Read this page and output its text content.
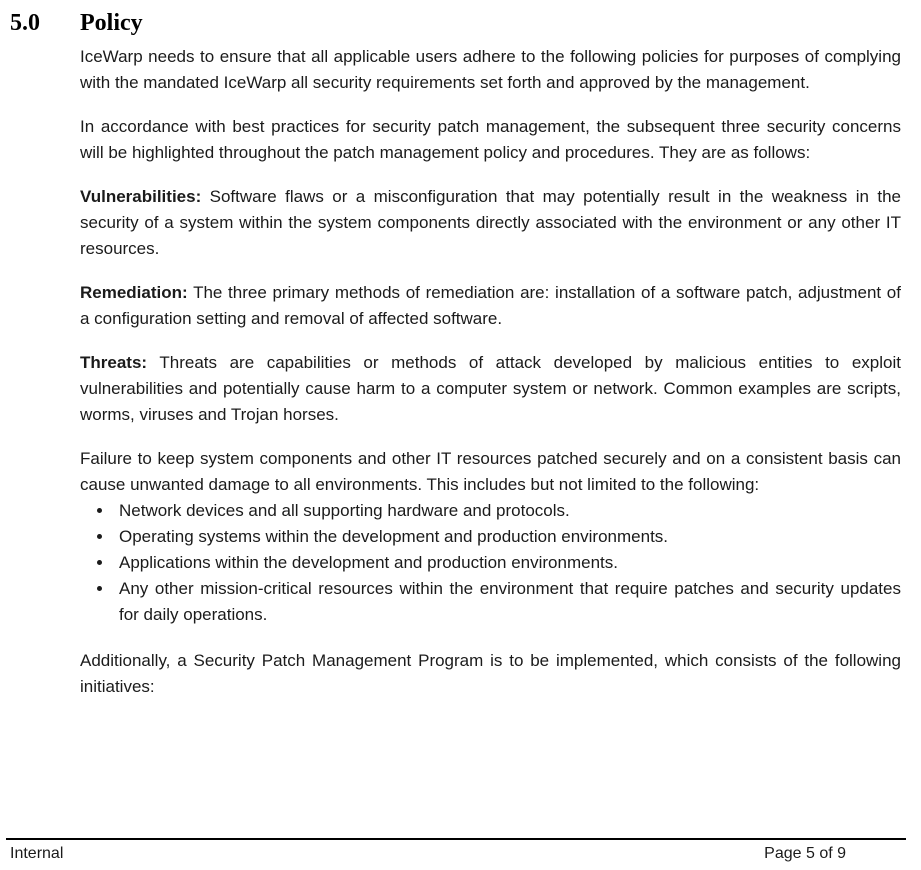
5.0	Policy

IceWarp needs to ensure that all applicable users adhere to the following policies for purposes of complying with the mandated IceWarp all security requirements set forth and approved by the management.

In accordance with best practices for security patch management, the subsequent three security concerns will be highlighted throughout the patch management policy and procedures. They are as follows:

Vulnerabilities: Software flaws or a misconfiguration that may potentially result in the weakness in the security of a system within the system components directly associated with the environment or any other IT resources.

Remediation: The three primary methods of remediation are: installation of a software patch, adjustment of a configuration setting and removal of affected software.

Threats: Threats are capabilities or methods of attack developed by malicious entities to exploit vulnerabilities and potentially cause harm to a computer system or network. Common examples are scripts, worms, viruses and Trojan horses.

Failure to keep system components and other IT resources patched securely and on a consistent basis can cause unwanted damage to all environments. This includes but not limited to the following:

• Network devices and all supporting hardware and protocols.
• Operating systems within the development and production environments.
• Applications within the development and production environments.
• Any other mission-critical resources within the environment that require patches and security updates for daily operations.

Additionally, a Security Patch Management Program is to be implemented, which consists of the following initiatives:

Internal	Page 5 of 9
